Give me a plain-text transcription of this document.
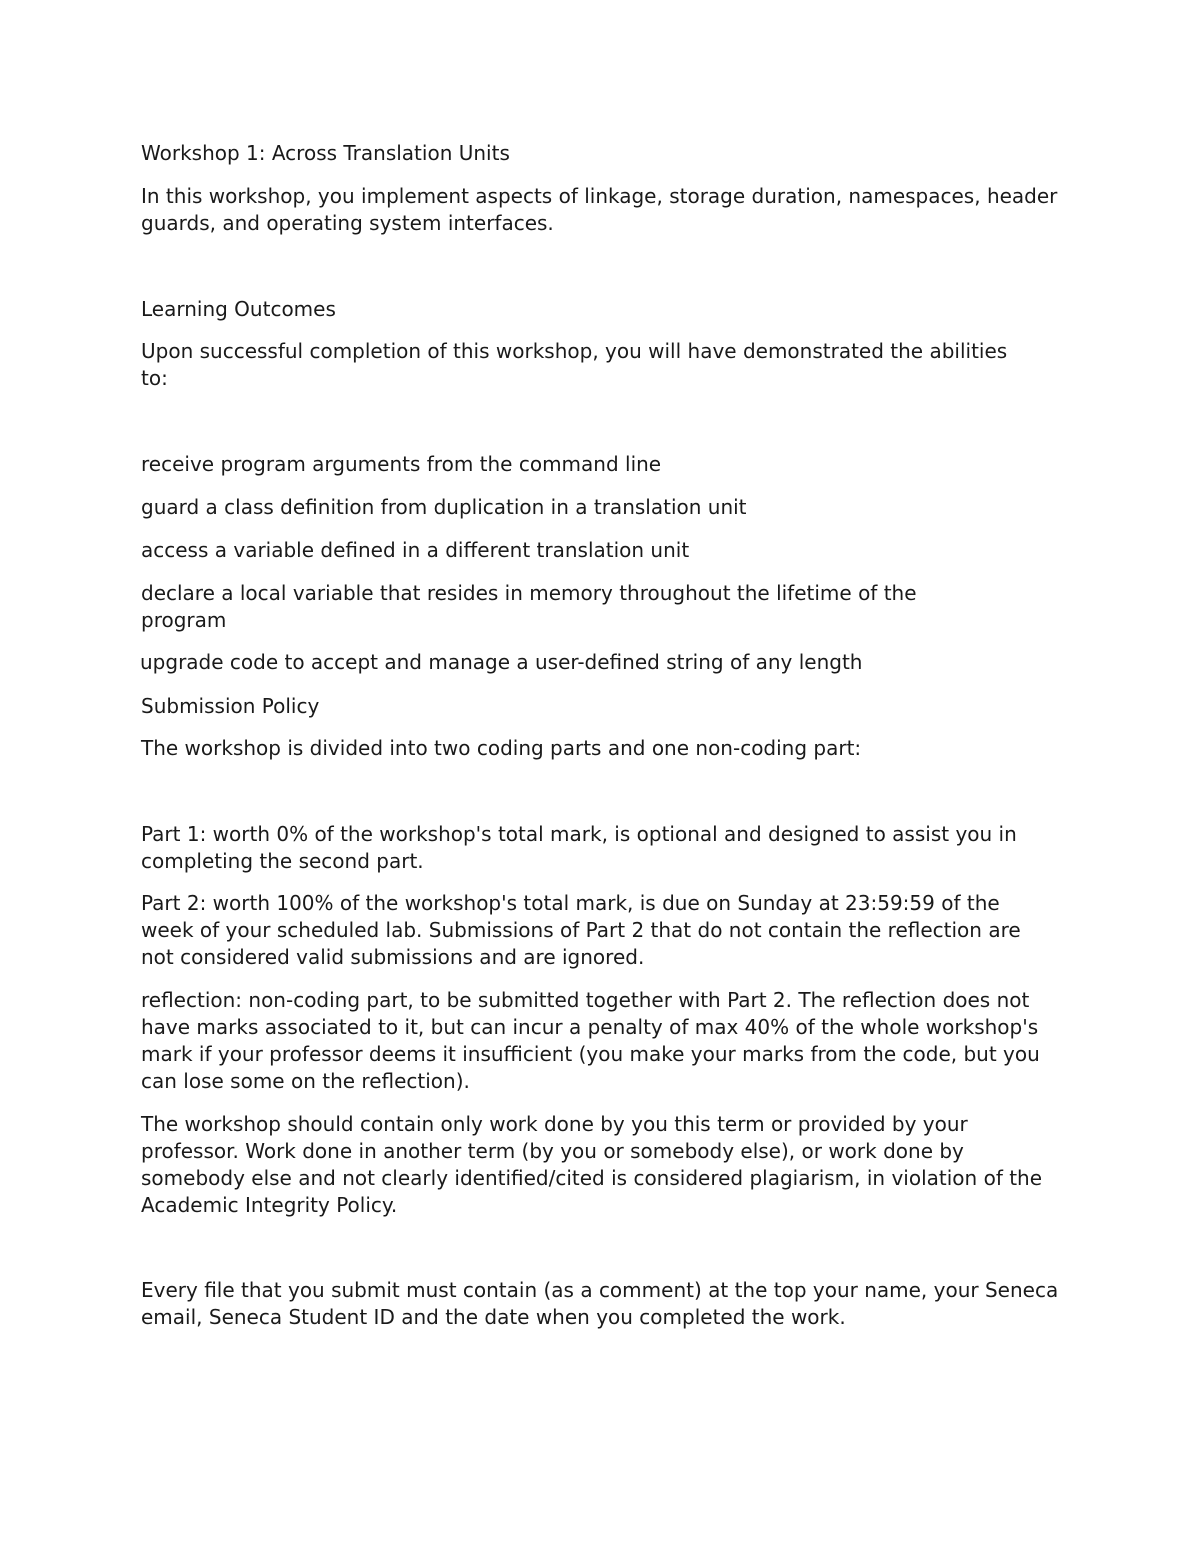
Workshop 1: Across Translation Units

In this workshop, you implement aspects of linkage, storage duration, namespaces, header guards, and operating system interfaces.

Learning Outcomes

Upon successful completion of this workshop, you will have demonstrated the abilities to:

receive program arguments from the command line

guard a class definition from duplication in a translation unit

access a variable defined in a different translation unit

declare a local variable that resides in memory throughout the lifetime of the program

upgrade code to accept and manage a user-defined string of any length

Submission Policy

The workshop is divided into two coding parts and one non-coding part:

Part 1: worth 0% of the workshop's total mark, is optional and designed to assist you in completing the second part.

Part 2: worth 100% of the workshop's total mark, is due on Sunday at 23:59:59 of the week of your scheduled lab. Submissions of Part 2 that do not contain the reflection are not considered valid submissions and are ignored.

reflection: non-coding part, to be submitted together with Part 2. The reflection does not have marks associated to it, but can incur a penalty of max 40% of the whole workshop's mark if your professor deems it insufficient (you make your marks from the code, but you can lose some on the reflection).

The workshop should contain only work done by you this term or provided by your professor. Work done in another term (by you or somebody else), or work done by somebody else and not clearly identified/cited is considered plagiarism, in violation of the Academic Integrity Policy.

Every file that you submit must contain (as a comment) at the top your name, your Seneca email, Seneca Student ID and the date when you completed the work.
